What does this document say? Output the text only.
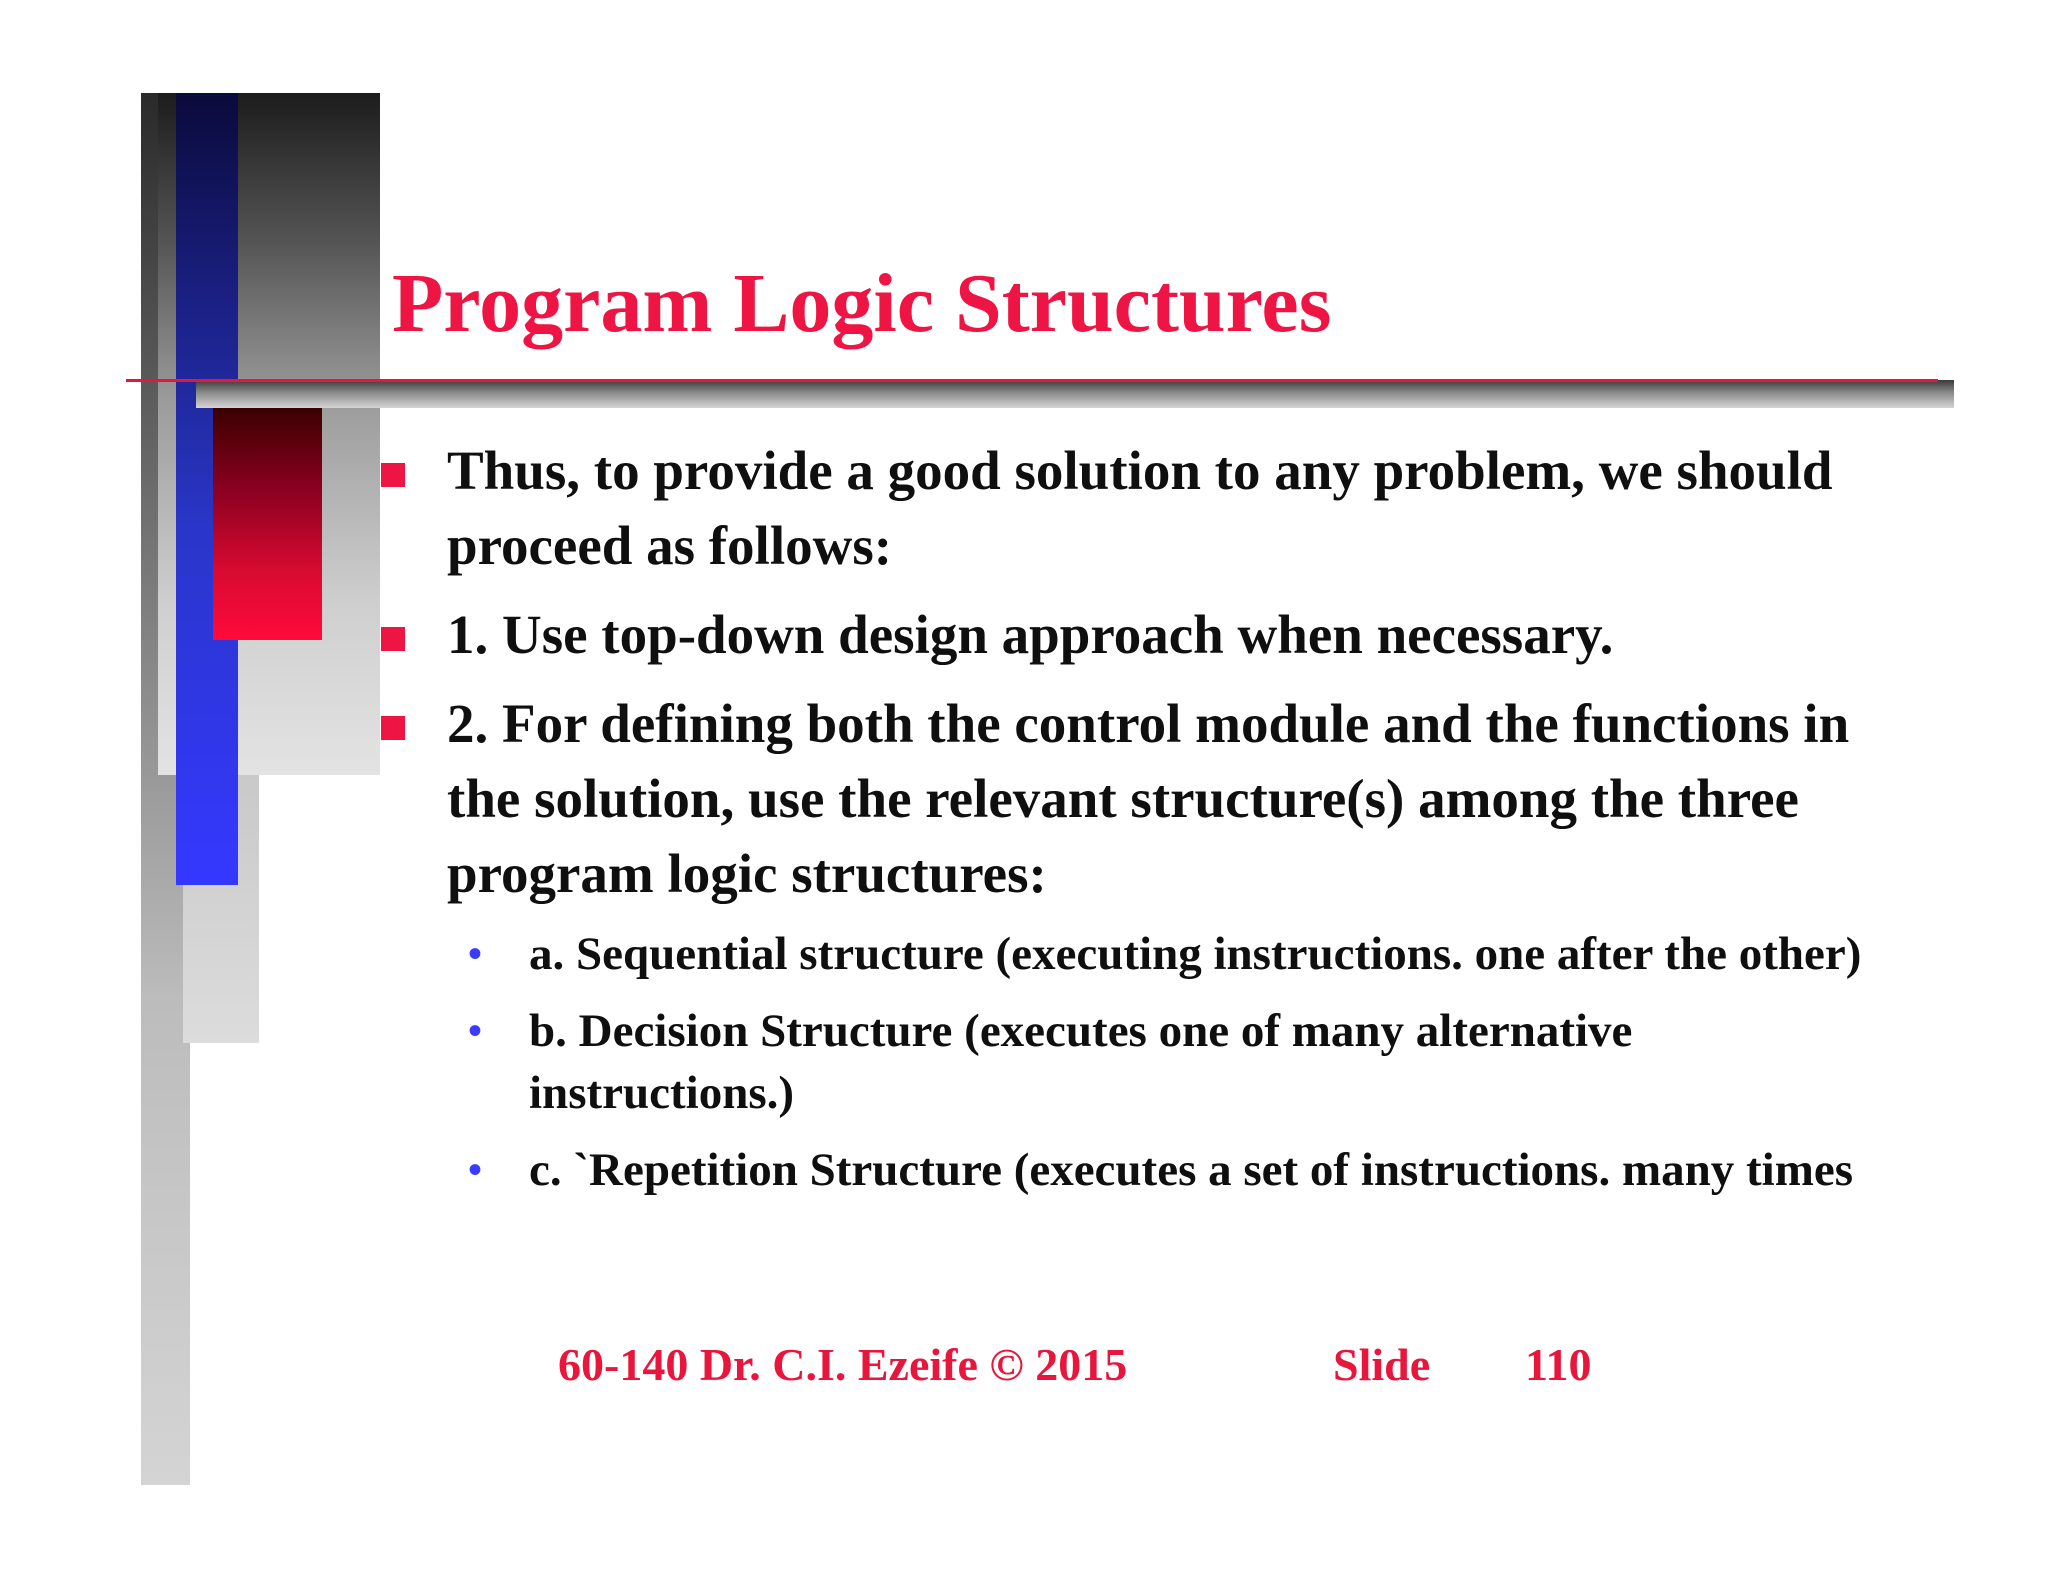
Program Logic Structures
Thus, to provide a good solution to any problem, we should proceed as follows:
1. Use top-down design approach when necessary.
2. For defining both the control module and the functions in the solution, use the relevant structure(s) among the three program logic structures:
• a. Sequential structure (executing instructions. one after the other)
• b. Decision Structure (executes one of many alternative instructions.)
• c. `Repetition Structure (executes a set of instructions. many times
60-140 Dr. C.I. Ezeife © 2015	Slide 110
